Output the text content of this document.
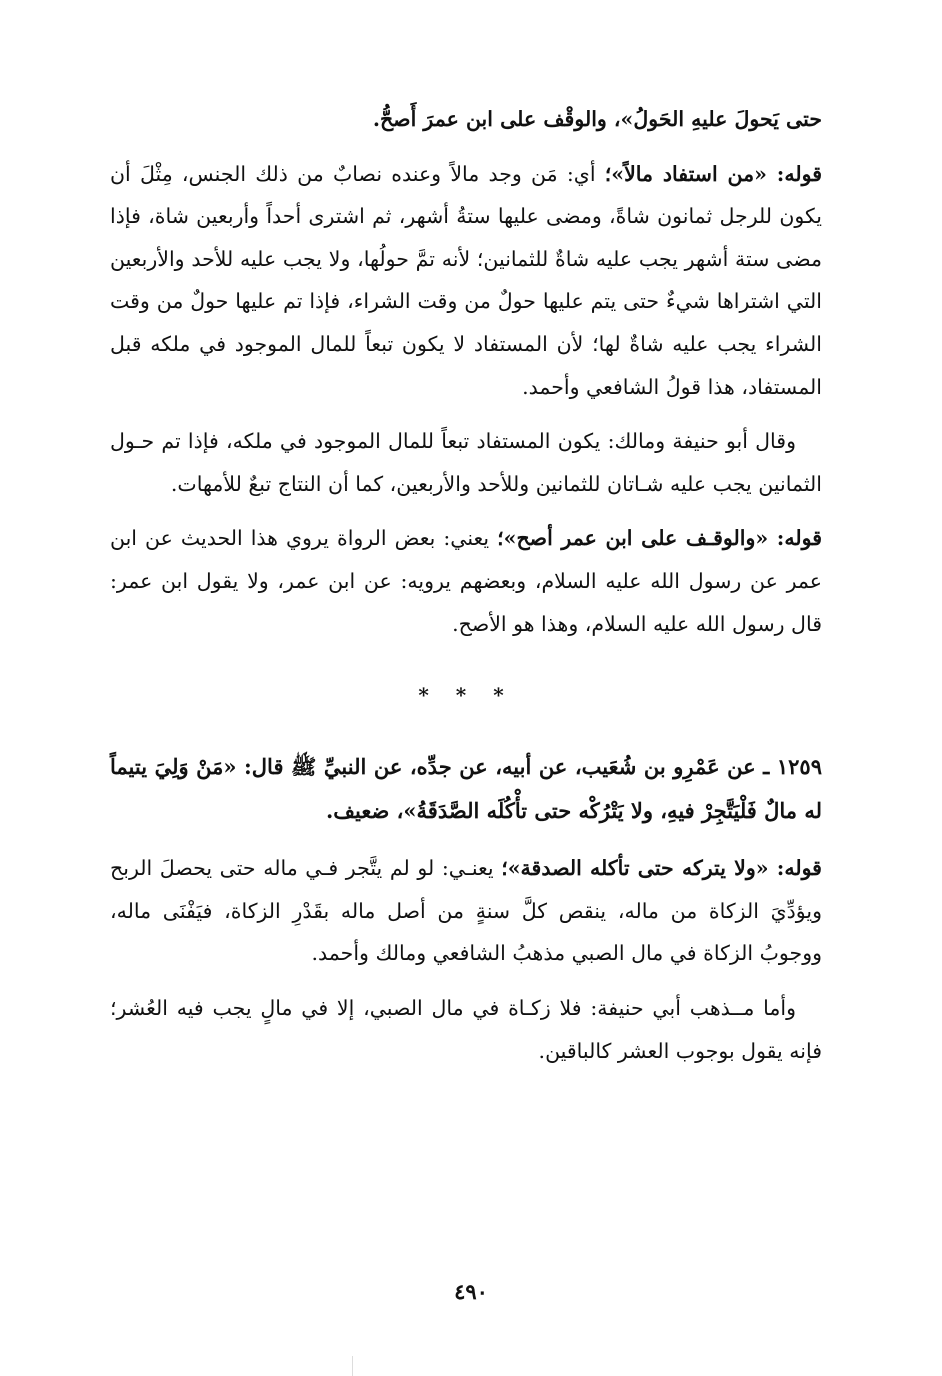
حتى يَحولَ عليهِ الحَولُ»، والوقْف على ابن عمرَ أَصحُّ.

قوله: «من استفاد مالاً»؛ أي: مَن وجد مالاً وعنده نصابٌ من ذلك الجنس، مِثْلَ أن يكون للرجل ثمانون شاةً، ومضى عليها ستةُ أشهر، ثم اشترى أحداً وأربعين شاة، فإذا مضى ستة أشهر يجب عليه شاةٌ للثمانين؛ لأنه تمَّ حولُها، ولا يجب عليه للأحد والأربعين التي اشتراها شيءٌ حتى يتم عليها حولٌ من وقت الشراء، فإذا تم عليها حولٌ من وقت الشراء يجب عليه شاةٌ لها؛ لأن المستفاد لا يكون تبعاً للمال الموجود في ملكه قبل المستفاد، هذا قولُ الشافعي وأحمد.

وقال أبو حنيفة ومالك: يكون المستفاد تبعاً للمال الموجود في ملكه، فإذا تم حـول الثمانين يجب عليه شـاتان للثمانين وللأحد والأربعين، كما أن النتاج تبعٌ للأمهات.

قوله: «والوقـف على ابن عمر أصح»؛ يعني: بعض الرواة يروي هذا الحديث عن ابن عمر عن رسول الله عليه السلام، وبعضهم يرويه: عن ابن عمر، ولا يقول ابن عمر: قال رسول الله عليه السلام، وهذا هو الأصح.

* * *

١٢٥٩ ـ عن عَمْرِو بن شُعَيب، عن أبيه، عن جدِّه، عن النبيِّ ﷺ قال: «مَنْ وَلِيَ يتيماً له مالٌ فَلْيَتَّجِرْ فيهِ، ولا يَتْرُكْه حتى تأْكُلَه الصَّدَقَةُ»، ضعيف.

قوله: «ولا يتركه حتى تأكله الصدقة»؛ يعنـي: لو لم يتَّجر فـي ماله حتى يحصلَ الربح ويؤدِّيَ الزكاة من ماله، ينقص كلَّ سنةٍ من أصل ماله بقَدْرِ الزكاة، فيَفْنَى ماله، ووجوبُ الزكاة في مال الصبي مذهبُ الشافعي ومالك وأحمد.

وأما مــذهب أبي حنيفة: فلا زكـاة في مال الصبي، إلا في مالٍ يجب فيه العُشر؛ فإنه يقول بوجوب العشر كالباقين.

٤٩٠
